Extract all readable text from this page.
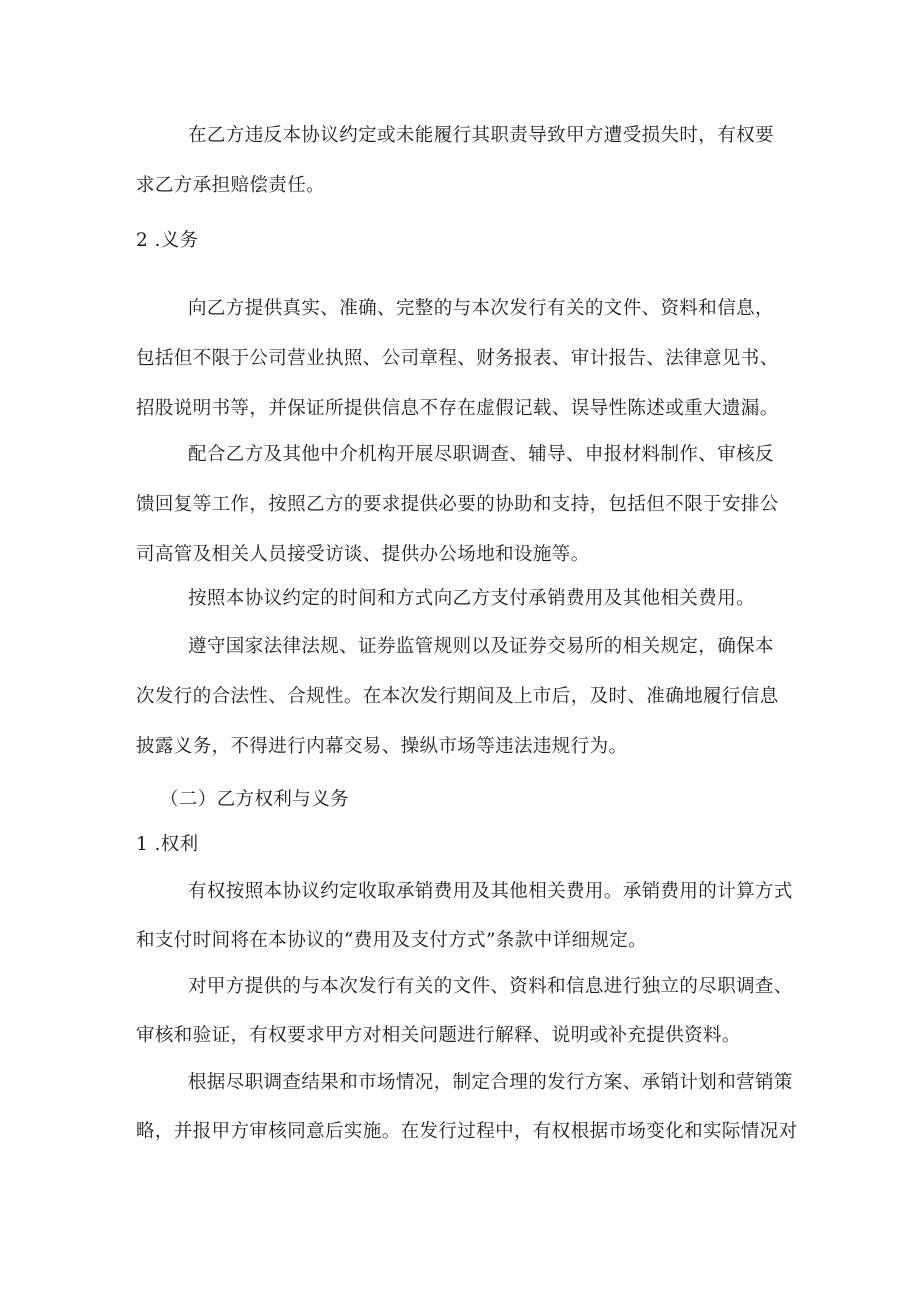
在乙方违反本协议约定或未能履行其职责导致甲方遭受损失时，有权要
求乙方承担赔偿责任。
2 .义务
向乙方提供真实、准确、完整的与本次发行有关的文件、资料和信息，
包括但不限于公司营业执照、公司章程、财务报表、审计报告、法律意见书、
招股说明书等，并保证所提供信息不存在虚假记载、误导性陈述或重大遗漏。
配合乙方及其他中介机构开展尽职调查、辅导、申报材料制作、审核反
馈回复等工作，按照乙方的要求提供必要的协助和支持，包括但不限于安排公
司高管及相关人员接受访谈、提供办公场地和设施等。
按照本协议约定的时间和方式向乙方支付承销费用及其他相关费用。
遵守国家法律法规、证券监管规则以及证券交易所的相关规定，确保本
次发行的合法性、合规性。在本次发行期间及上市后，及时、准确地履行信息
披露义务，不得进行内幕交易、操纵市场等违法违规行为。
（二）乙方权利与义务
1 .权利
有权按照本协议约定收取承销费用及其他相关费用。承销费用的计算方式
和支付时间将在本协议的“费用及支付方式”条款中详细规定。
对甲方提供的与本次发行有关的文件、资料和信息进行独立的尽职调查、
审核和验证，有权要求甲方对相关问题进行解释、说明或补充提供资料。
根据尽职调查结果和市场情况，制定合理的发行方案、承销计划和营销策
略，并报甲方审核同意后实施。在发行过程中，有权根据市场变化和实际情况对
